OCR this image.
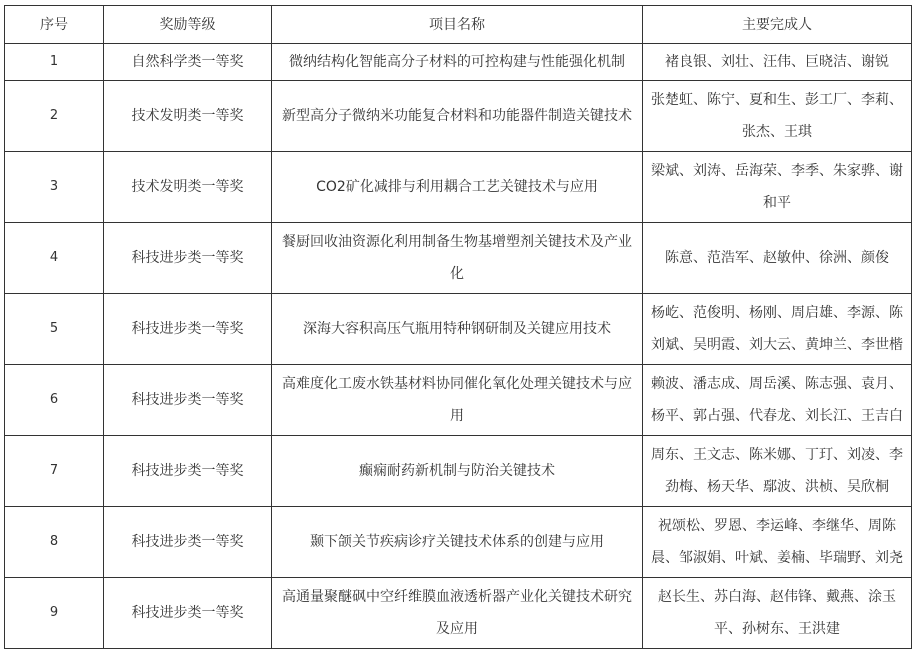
序号	奖励等级	项目名称	主要完成人
1	自然科学类一等奖	微纳结构化智能高分子材料的可控构建与性能强化机制	褚良银、刘壮、汪伟、巨晓洁、谢锐
2	技术发明类一等奖	新型高分子微纳米功能复合材料和功能器件制造关键技术	张楚虹、陈宁、夏和生、彭工厂、李莉、张杰、王琪
3	技术发明类一等奖	CO2矿化减排与利用耦合工艺关键技术与应用	梁斌、刘涛、岳海荣、李季、朱家骅、谢和平
4	科技进步类一等奖	餐厨回收油资源化利用制备生物基增塑剂关键技术及产业化	陈意、范浩军、赵敏仲、徐洲、颜俊
5	科技进步类一等奖	深海大容积高压气瓶用特种钢研制及关键应用技术	杨屹、范俊明、杨刚、周启雄、李源、陈刘斌、吴明霞、刘大云、黄坤兰、李世楷
6	科技进步类一等奖	高难度化工废水铁基材料协同催化氧化处理关键技术与应用	赖波、潘志成、周岳溪、陈志强、袁月、杨平、郭占强、代春龙、刘长江、王吉白
7	科技进步类一等奖	癫痫耐药新机制与防治关键技术	周东、王文志、陈米娜、丁玎、刘凌、李劲梅、杨天华、鄢波、洪桢、吴欣桐
8	科技进步类一等奖	颞下颌关节疾病诊疗关键技术体系的创建与应用	祝颂松、罗恩、李运峰、李继华、周陈晨、邹淑娟、叶斌、姜楠、毕瑞野、刘尧
9	科技进步类一等奖	高通量聚醚砜中空纤维膜血液透析器产业化关键技术研究及应用	赵长生、苏白海、赵伟锋、戴燕、涂玉平、孙树东、王洪建
